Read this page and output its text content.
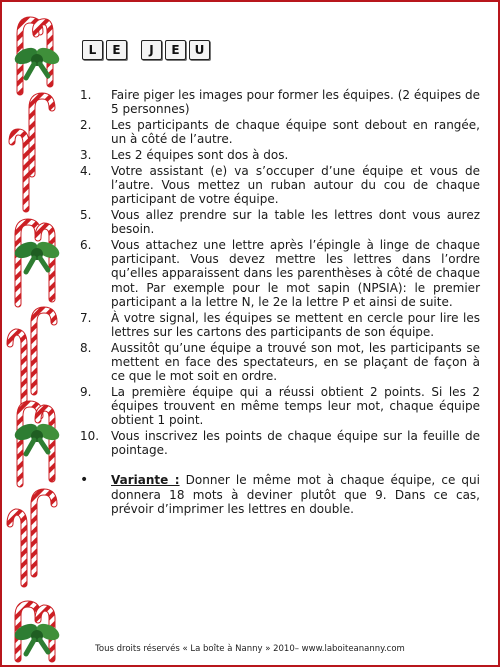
L	E	J	E	U
1.	Faire piger les images pour former les équipes. (2 équipes de 5 personnes)
2.	Les participants de chaque équipe sont debout en rangée, un à côté de l’autre.
3.	Les 2 équipes sont dos à dos.
4.	Votre assistant (e) va s’occuper d’une équipe et vous de l’autre. Vous mettez un ruban autour du cou de chaque participant de votre équipe.
5.	Vous allez prendre sur la table les lettres dont vous aurez besoin.
6.	Vous attachez une lettre après l’épingle à linge de chaque participant. Vous devez mettre les lettres dans l’ordre qu’elles apparaissent dans les parenthèses à côté de chaque mot. Par exemple pour le mot sapin (NPSIA): le premier participant a la lettre N, le 2e la lettre P et ainsi de suite.
7.	À votre signal, les équipes se mettent en cercle pour lire les lettres sur les cartons des participants de son équipe.
8.	Aussitôt qu’une équipe a trouvé son mot, les participants se mettent en face des spectateurs, en se plaçant de façon à ce que le mot soit en ordre.
9.	La première équipe qui a réussi obtient 2 points. Si les 2 équipes trouvent en même temps leur mot, chaque équipe obtient 1 point.
10. Vous inscrivez les points de chaque équipe sur la feuille de pointage.
•	Variante : Donner le même mot à chaque équipe, ce qui donnera 18 mots à deviner plutôt que 9. Dans ce cas, prévoir d’imprimer les lettres en double.
Tous droits réservés « La boîte à Nanny » 2010– www.laboiteananny.com
